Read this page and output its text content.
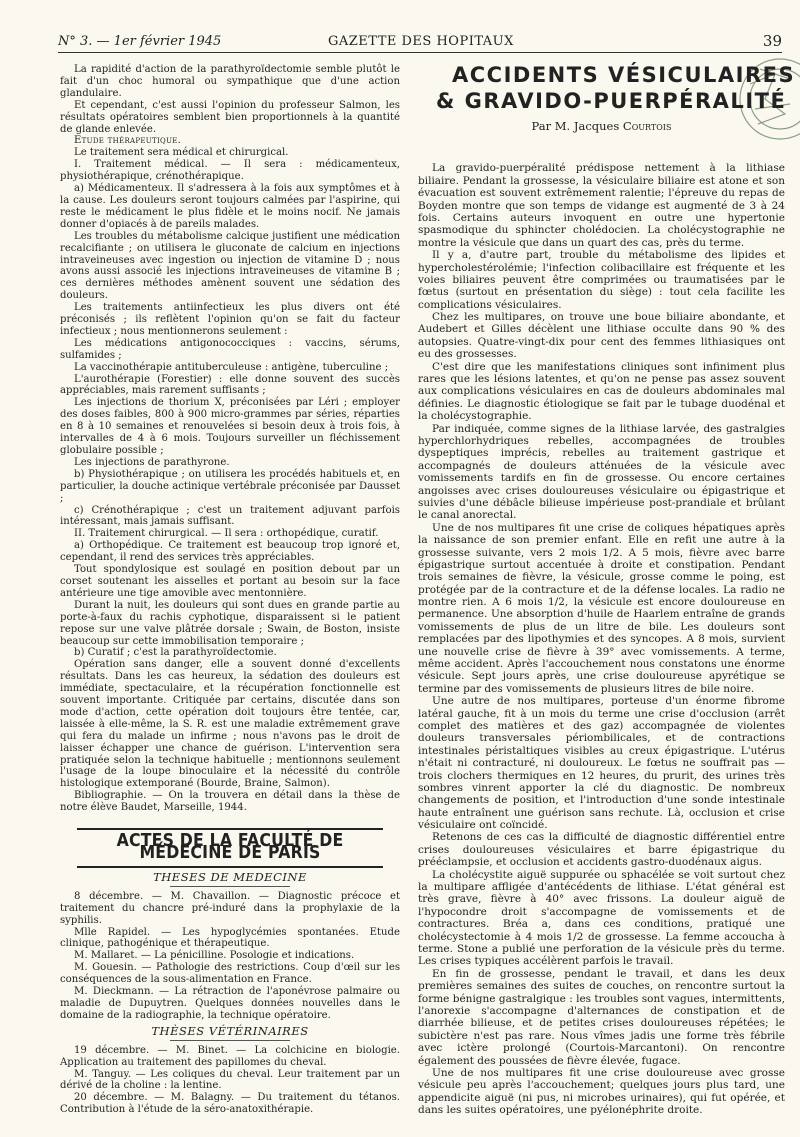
N° 3. — 1er février 1945	GAZETTE DES HOPITAUX	39

La rapidité d'action de la parathyroïdectomie semble plutôt le fait d'un choc humoral ou sympathique que d'une action glandulaire.

Et cependant, c'est aussi l'opinion du professeur Salmon, les résultats opératoires semblent bien proportionnels à la quantité de glande enlevée.

Etude thérapeutique.

Le traitement sera médical et chirurgical.

I. Traitement médical. — Il sera : médicamenteux, physiothérapique, crénothérapique.

a) Médicamenteux. Il s'adressera à la fois aux symptômes et à la cause. Les douleurs seront toujours calmées par l'aspirine, qui reste le médicament le plus fidèle et le moins nocif. Ne jamais donner d'opiacés à de pareils malades.

Les troubles du métabolisme calcique justifient une médication recalcifiante ; on utilisera le gluconate de calcium en injections intraveineuses avec ingestion ou injection de vitamine D ; nous avons aussi associé les injections intraveineuses de vitamine B ; ces dernières méthodes amènent souvent une sédation des douleurs.

Les traitements antiinfectieux les plus divers ont été préconisés ; ils reflètent l'opinion qu'on se fait du facteur infectieux ; nous mentionnerons seulement :

Les médications antigonococciques : vaccins, sérums, sulfamides ;

La vaccinothérapie antituberculeuse : antigène, tuberculine ;

L'aurothérapie (Forestier) : elle donne souvent des succès appréciables, mais rarement suffisants ;

Les injections de thorium X, préconisées par Léri ; employer des doses faibles, 800 à 900 micro-grammes par séries, réparties en 8 à 10 semaines et renouvelées si besoin deux à trois fois, à intervalles de 4 à 6 mois. Toujours surveiller un fléchissement globulaire possible ;

Les injections de parathyrone.

b) Physiothérapique ; on utilisera les procédés habituels et, en particulier, la douche actinique vertébrale préconisée par Dausset ;

c) Crénothérapique ; c'est un traitement adjuvant parfois intéressant, mais jamais suffisant.

II. Traitement chirurgical. — Il sera : orthopédique, curatif.

a) Orthopédique. Ce traitement est beaucoup trop ignoré et, cependant, il rend des services très appréciables.

Tout spondylosique est soulagé en position debout par un corset soutenant les aisselles et portant au besoin sur la face antérieure une tige amovible avec mentonnière.

Durant la nuit, les douleurs qui sont dues en grande partie au porte-à-faux du rachis cyphotique, disparaissent si le patient repose sur une valve plâtrée dorsale ; Swain, de Boston, insiste beaucoup sur cette immobilisation temporaire ;

b) Curatif ; c'est la parathyroïdectomie.

Opération sans danger, elle a souvent donné d'excellents résultats. Dans les cas heureux, la sédation des douleurs est immédiate, spectaculaire, et la récupération fonctionnelle est souvent importante. Critiquée par certains, discutée dans son mode d'action, cette opération doit toujours être tentée, car, laissée à elle-même, la S. R. est une maladie extrêmement grave qui fera du malade un infirme ; nous n'avons pas le droit de laisser échapper une chance de guérison. L'intervention sera pratiquée selon la technique habituelle ; mentionnons seulement l'usage de la loupe binoculaire et la nécessité du contrôle histologique extemporané (Bourde, Braine, Salmon).

Bibliographie. — On la trouvera en détail dans la thèse de notre élève Baudet, Marseille, 1944.

ACTES DE LA FACULTÉ DE MÉDECINE DE PARIS
THESES DE MEDECINE

8 décembre. — M. Chavaillon. — Diagnostic précoce et traitement du chancre pré-induré dans la prophylaxie de la syphilis.

Mlle Rapidel. — Les hypoglycémies spontanées. Etude clinique, pathogénique et thérapeutique.

M. Mallaret. — La pénicilline. Posologie et indications.

M. Gouesin. — Pathologie des restrictions. Coup d'œil sur les conséquences de la sous-alimentation en France.

M. Dieckmann. — La rétraction de l'aponévrose palmaire ou maladie de Dupuytren. Quelques données nouvelles dans le domaine de la radiographie, la technique opératoire.

THÈSES VÉTÉRINAIRES

19 décembre. — M. Binet. — La colchicine en biologie. Application au traitement des papillomes du cheval.

M. Tanguy. — Les coliques du cheval. Leur traitement par un dérivé de la choline : la lentine.

20 décembre. — M. Balagny. — Du traitement du tétanos. Contribution à l'étude de la séro-anatoxithérapie.

ACCIDENTS VÉSICULAIRES
& GRAVIDO-PUERPÉRALITÉ
Par M. Jacques Courtois

La gravido-puerpéralité prédispose nettement à la lithiase biliaire. Pendant la grossesse, la vésiculaire biliaire est atone et son évacuation est souvent extrêmement ralentie; l'épreuve du repas de Boyden montre que son temps de vidange est augmenté de 3 à 24 fois. Certains auteurs invoquent en outre une hypertonie spasmodique du sphincter cholédocien. La cholécystographie ne montre la vésicule que dans un quart des cas, près du terme.

Il y a, d'autre part, trouble du métabolisme des lipides et hypercholestérolémie; l'infection colibacillaire est fréquente et les voies biliaires peuvent être comprimées ou traumatisées par le fœtus (surtout en présentation du siège) : tout cela facilite les complications vésiculaires.

Chez les multipares, on trouve une boue biliaire abondante, et Audebert et Gilles décèlent une lithiase occulte dans 90 % des autopsies. Quatre-vingt-dix pour cent des femmes lithiasiques ont eu des grossesses.

C'est dire que les manifestations cliniques sont infiniment plus rares que les lésions latentes, et qu'on ne pense pas assez souvent aux complications vésiculaires en cas de douleurs abdominales mal définies. Le diagnostic étiologique se fait par le tubage duodénal et la cholécystographie.

Par indiquée, comme signes de la lithiase larvée, des gastralgies hyperchlorhydriques rebelles, accompagnées de troubles dyspeptiques imprécis, rebelles au traitement gastrique et accompagnés de douleurs atténuées de la vésicule avec vomissements tardifs en fin de grossesse. Ou encore certaines angoisses avec crises douloureuses vésiculaire ou épigastrique et suivies d'une débâcle bilieuse impérieuse post-prandiale et brûlant le canal anorectal.

Une de nos multipares fit une crise de coliques hépatiques après la naissance de son premier enfant. Elle en refit une autre à la grossesse suivante, vers 2 mois 1/2. A 5 mois, fièvre avec barre épigastrique surtout accentuée à droite et constipation. Pendant trois semaines de fièvre, la vésicule, grosse comme le poing, est protégée par de la contracture et de la défense locales. La radio ne montre rien. A 6 mois 1/2, la vésicule est encore douloureuse en permanence. Une absorption d'huile de Haarlem entraîne de grands vomissements de plus de un litre de bile. Les douleurs sont remplacées par des lipothymies et des syncopes. A 8 mois, survient une nouvelle crise de fièvre à 39° avec vomissements. A terme, même accident. Après l'accouchement nous constatons une énorme vésicule. Sept jours après, une crise douloureuse apyrétique se termine par des vomissements de plusieurs litres de bile noire.

Une autre de nos multipares, porteuse d'un énorme fibrome latéral gauche, fit à un mois du terme une crise d'occlusion (arrêt complet des matières et des gaz) accompagnée de violentes douleurs transversales périombilicales, et de contractions intestinales péristaltiques visibles au creux épigastrique. L'utérus n'était ni contracturé, ni douloureux. Le fœtus ne souffrait pas — trois clochers thermiques en 12 heures, du prurit, des urines très sombres vinrent apporter la clé du diagnostic. De nombreux changements de position, et l'introduction d'une sonde intestinale haute entraînent une guérison sans rechute. Là, occlusion et crise vésiculaire ont coïncidé.

Retenons de ces cas la difficulté de diagnostic différentiel entre crises douloureuses vésiculaires et barre épigastrique du prééclampsie, et occlusion et accidents gastro-duodénaux aigus.

La cholécystite aiguë suppurée ou sphacélée se voit surtout chez la multipare affligée d'antécédents de lithiase. L'état général est très grave, fièvre à 40° avec frissons. La douleur aiguë de l'hypocondre droit s'accompagne de vomissements et de contractures. Bréa a, dans ces conditions, pratiqué une cholécystectomie à 4 mois 1/2 de grossesse. La femme accoucha à terme. Stone a publié une perforation de la vésicule près du terme. Les crises typiques accélèrent parfois le travail.

En fin de grossesse, pendant le travail, et dans les deux premières semaines des suites de couches, on rencontre surtout la forme bénigne gastralgique : les troubles sont vagues, intermittents, l'anorexie s'accompagne d'alternances de constipation et de diarrhée bilieuse, et de petites crises douloureuses répétées; le subictère n'est pas rare. Nous vîmes jadis une forme très fébrile avec ictère prolongé (Courtois-Marcantoni). On rencontre également des poussées de fièvre élevée, fugace.

Une de nos multipares fit une crise douloureuse avec grosse vésicule peu après l'accouchement; quelques jours plus tard, une appendicite aiguë (ni pus, ni microbes urinaires), qui fut opérée, et dans les suites opératoires, une pyélonéphrite droite.
